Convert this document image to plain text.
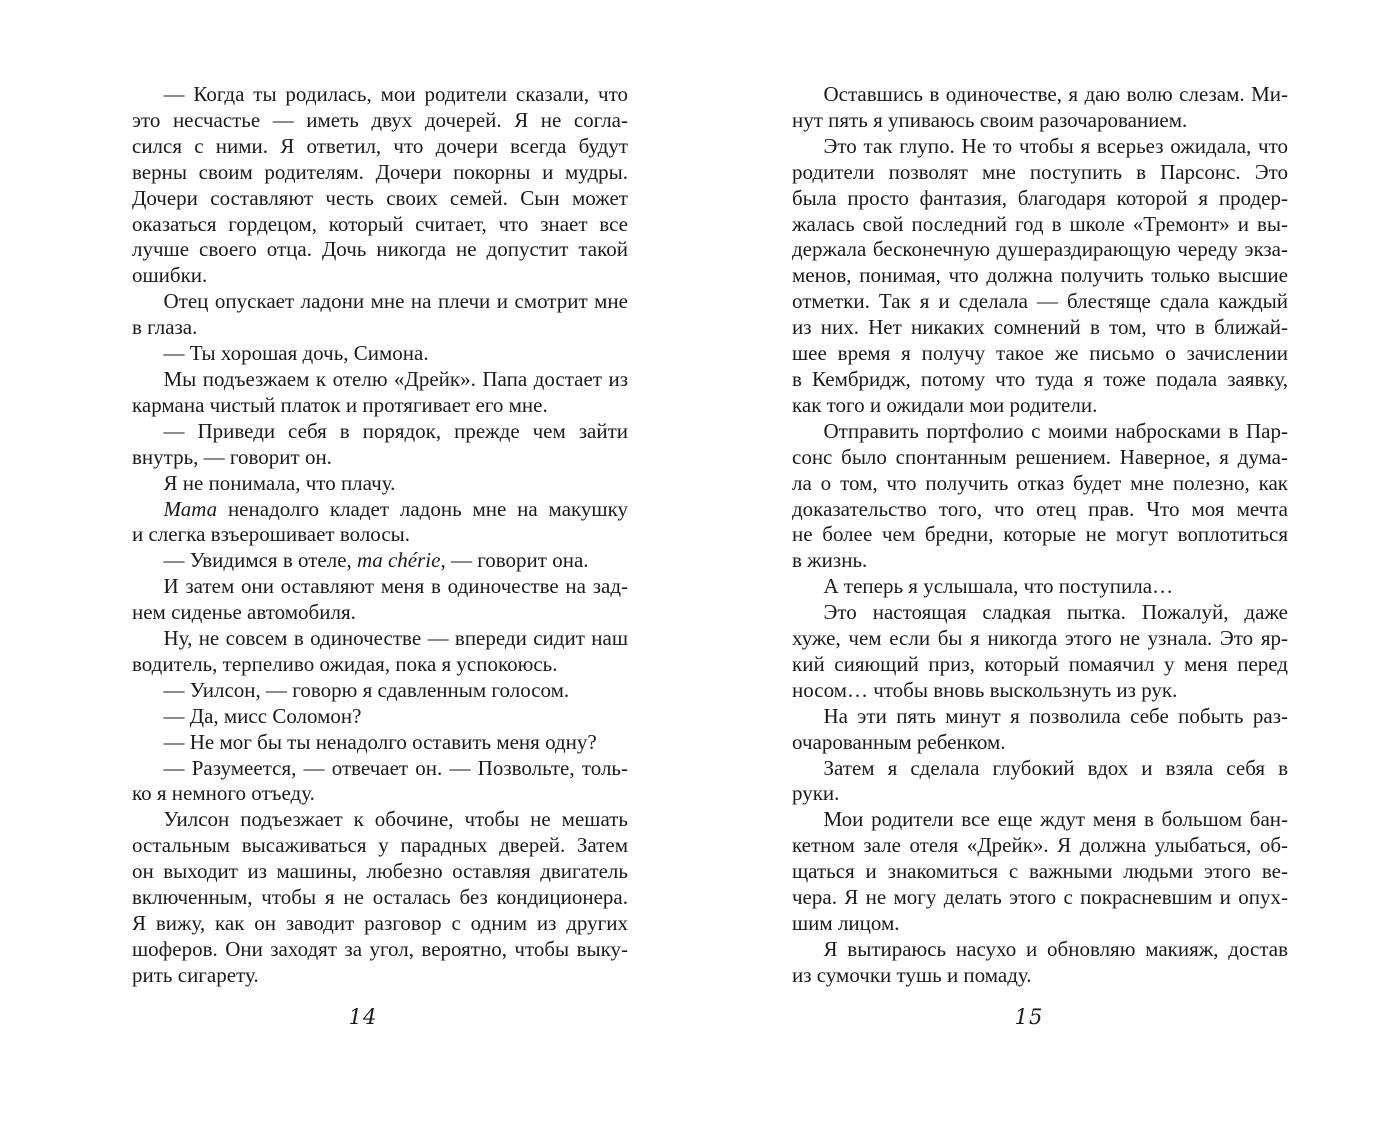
  — Когда ты родилась, мои родители сказали, что
это несчастье — иметь двух дочерей. Я не согла-
сился с ними. Я ответил, что дочери всегда будут
верны своим родителям. Дочери покорны и мудры.
Дочери составляют честь своих семей. Сын может
оказаться гордецом, который считает, что знает все
лучше своего отца. Дочь никогда не допустит такой
ошибки.
  Отец опускает ладони мне на плечи и смотрит мне
в глаза.
  — Ты хорошая дочь, Симона.
  Мы подъезжаем к отелю «Дрейк». Папа достает из
кармана чистый платок и протягивает его мне.
  — Приведи себя в порядок, прежде чем зайти
внутрь, — говорит он.
  Я не понимала, что плачу.
  Мата ненадолго кладет ладонь мне на макушку
и слегка взъерошивает волосы.
  — Увидимся в отеле, ma chérie, — говорит она.
  И затем они оставляют меня в одиночестве на зад-
нем сиденье автомобиля.
  Ну, не совсем в одиночестве — впереди сидит наш
водитель, терпеливо ожидая, пока я успокоюсь.
  — Уилсон, — говорю я сдавленным голосом.
  — Да, мисс Соломон?
  — Не мог бы ты ненадолго оставить меня одну?
  — Разумеется, — отвечает он. — Позвольте, толь-
ко я немного отъеду.
  Уилсон подъезжает к обочине, чтобы не мешать
остальным высаживаться у парадных дверей. Затем
он выходит из машины, любезно оставляя двигатель
включенным, чтобы я не осталась без кондиционера.
Я вижу, как он заводит разговор с одним из других
шоферов. Они заходят за угол, вероятно, чтобы выку-
рить сигарету.
  Оставшись в одиночестве, я даю волю слезам. Ми-
нут пять я упиваюсь своим разочарованием.
  Это так глупо. Не то чтобы я всерьез ожидала, что
родители позволят мне поступить в Парсонс. Это
была просто фантазия, благодаря которой я продер-
жалась свой последний год в школе «Тремонт» и вы-
держала бесконечную душераздирающую череду экза-
менов, понимая, что должна получить только высшие
отметки. Так я и сделала — блестяще сдала каждый
из них. Нет никаких сомнений в том, что в ближай-
шее время я получу такое же письмо о зачислении
в Кембридж, потому что туда я тоже подала заявку,
как того и ожидали мои родители.
  Отправить портфолио с моими набросками в Пар-
сонс было спонтанным решением. Наверное, я дума-
ла о том, что получить отказ будет мне полезно, как
доказательство того, что отец прав. Что моя мечта
не более чем бредни, которые не могут воплотиться
в жизнь.
  А теперь я услышала, что поступила…
  Это настоящая сладкая пытка. Пожалуй, даже
хуже, чем если бы я никогда этого не узнала. Это яр-
кий сияющий приз, который помаячил у меня перед
носом… чтобы вновь выскользнуть из рук.
  На эти пять минут я позволила себе побыть раз-
очарованным ребенком.
  Затем я сделала глубокий вдох и взяла себя в
руки.
  Мои родители все еще ждут меня в большом бан-
кетном зале отеля «Дрейк». Я должна улыбаться, об-
щаться и знакомиться с важными людьми этого ве-
чера. Я не могу делать этого с покрасневшим и опух-
шим лицом.
  Я вытираюсь насухо и обновляю макияж, достав
из сумочки тушь и помаду.
14	15
